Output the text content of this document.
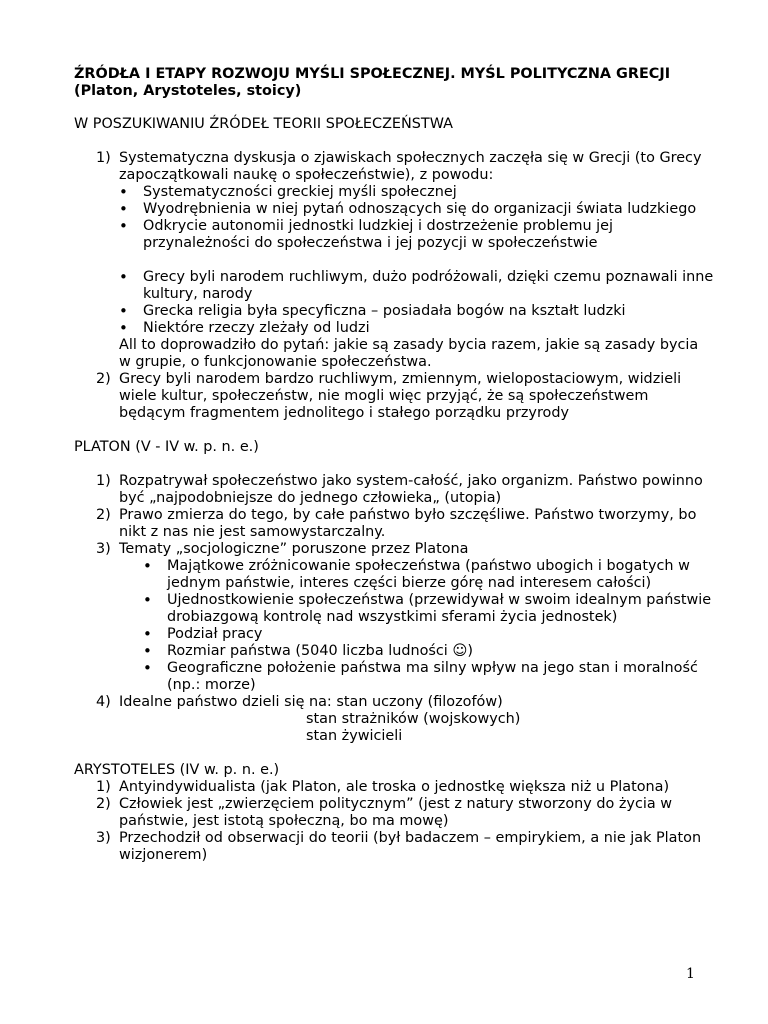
ŹRÓDŁA I ETAPY ROZWOJU MYŚLI SPOŁECZNEJ. MYŚL POLITYCZNA GRECJI (Platon, Arystoteles, stoicy)
W POSZUKIWANIU ŹRÓDEŁ TEORII SPOŁECZEŃSTWA
1) Systematyczna dyskusja o zjawiskach społecznych zaczęła się w Grecji (to Grecy zapoczątkowali naukę o społeczeństwie), z powodu:
• Systematyczności greckiej myśli społecznej
• Wyodrębnienia w niej pytań odnoszących się do organizacji świata ludzkiego
• Odkrycie autonomii jednostki ludzkiej i dostrzeżenie problemu jej przynależności do społeczeństwa i jej pozycji w społeczeństwie
• Grecy byli narodem ruchliwym, dużo podróżowali, dzięki czemu poznawali inne kultury, narody
• Grecka religia była specyficzna – posiadała bogów na kształt ludzki
• Niektóre rzeczy zleżały od ludzi
All to doprowadziło do pytań: jakie są zasady bycia razem, jakie są zasady bycia w grupie, o funkcjonowanie społeczeństwa.
2) Grecy byli narodem bardzo ruchliwym, zmiennym, wielopostaciowym, widzieli wiele kultur, społeczeństw, nie mogli więc przyjąć, że są społeczeństwem będącym fragmentem jednolitego i stałego porządku przyrody
PLATON (V - IV w. p. n. e.)
1) Rozpatrywał społeczeństwo jako system-całość, jako organizm. Państwo powinno być „najpodobniejsze do jednego człowieka„ (utopia)
2) Prawo zmierza do tego, by całe państwo było szczęśliwe. Państwo tworzymy, bo nikt z nas nie jest samowystarczalny.
3) Tematy „socjologiczne” poruszone przez Platona
• Majątkowe zróżnicowanie społeczeństwa (państwo ubogich i bogatych w jednym państwie, interes części bierze górę nad interesem całości)
• Ujednostkowienie społeczeństwa (przewidywał w swoim idealnym państwie drobiazgową kontrolę nad wszystkimi sferami życia jednostek)
• Podział pracy
• Rozmiar państwa (5040 liczba ludności ☺)
• Geograficzne położenie państwa ma silny wpływ na jego stan i moralność (np.: morze)
4) Idealne państwo dzieli się na: stan uczony (filozofów)
stan strażników (wojskowych)
stan żywicieli
ARYSTOTELES (IV w. p. n. e.)
1) Antyindywidualista (jak Platon, ale troska o jednostkę większa niż u Platona)
2) Człowiek jest „zwierzęciem politycznym” (jest z natury stworzony do życia w państwie, jest istotą społeczną, bo ma mowę)
3) Przechodził od obserwacji do teorii (był badaczem – empirykiem, a nie jak Platon wizjonerem)
1
